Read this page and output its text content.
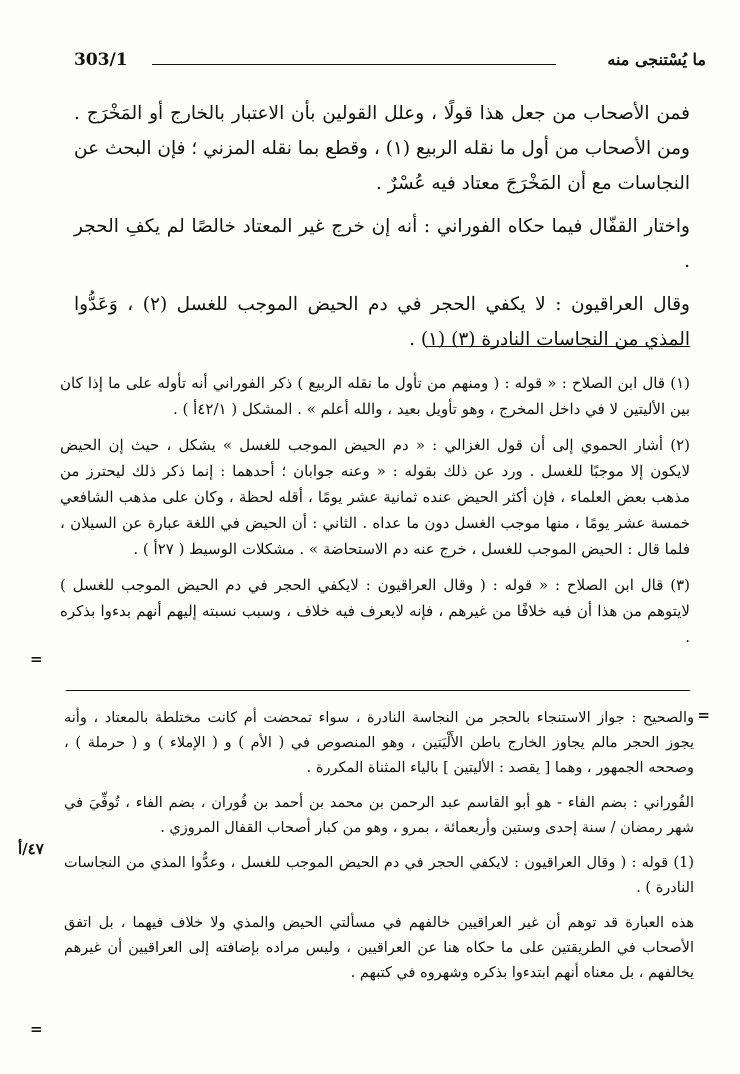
303/1	ما يُسْتنجى منه

فمن الأصحاب من جعل هذا قولًا ، وعلل القولين بأن الاعتبار بالخارج أو المَخْرَج . ومن الأصحاب من أول ما نقله الربيع (١) ، وقطع بما نقله المزني ؛ فإن البحث عن النجاسات مع أن المَخْرَجَ معتاد فيه عُسْرٌ .

واختار القفّال فيما حكاه الفوراني : أنه إن خرج غير المعتاد خالصًا لم يكفِ الحجر .

وقال العراقيون : لا يكفي الحجر في دم الحيض الموجب للغسل (٢) ، وَعَدُّوا المذي من النجاسات النادرة (٣) (١) .

(١) قال ابن الصلاح : « قوله : ( ومنهم من تأول ما نقله الربيع ) ذكر الفوراني أنه تأوله على ما إذا كان بين الأليتين لا في داخل المخرج ، وهو تأويل بعيد ، والله أعلم » . المشكل ( ٤٢/١أ ) .

(٢) أشار الحموي إلى أن قول الغزالي : « دم الحيض الموجب للغسل » يشكل ، حيث إن الحيض لايكون إلا موجبًا للغسل . ورد عن ذلك بقوله : « وعنه جوابان ؛ أحدهما : إنما ذكر ذلك ليحترز من مذهب بعض العلماء ، فإن أكثر الحيض عنده ثمانية عشر يومًا ، أقله لحظة ، وكان على مذهب الشافعي خمسة عشر يومًا ، منها موجب الغسل دون ما عداه . الثاني : أن الحيض في اللغة عبارة عن السيلان ، فلما قال : الحيض الموجب للغسل ، خرج عنه دم الاستحاضة » . مشكلات الوسيط ( ٢٧أ ) .

(٣) قال ابن الصلاح : « قوله : ( وقال العراقيون : لايكفي الحجر في دم الحيض الموجب للغسل ) لايتوهم من هذا أن فيه خلافًا من غيرهم ، فإنه لايعرف فيه خلاف ، وسبب نسبته إليهم أنهم بدءوا بذكره .

=
=

والصحيح : جواز الاستنجاء بالحجر من النجاسة النادرة ، سواء تمحضت أم كانت مختلطة بالمعتاد ، وأنه يجوز الحجر مالم يجاوز الخارج باطن الأَلْيَتين ، وهو المنصوص في ( الأم ) و ( الإملاء ) و ( حرملة ) ، وصححه الجمهور ، وهما [ يقصد : الأليتين ] بالياء المثناة المكررة .

الفُوراني : بضم الفاء - هو أبو القاسم عبد الرحمن بن محمد بن أحمد بن فُوران ، بضم الفاء ، تُوفِّيَ في شهر رمضان / سنة إحدى وستين وأربعمائة ، بمرو ، وهو من كبار أصحاب القفال المروزي .

(1) قوله : ( وقال العراقيون : لايكفي الحجر في دم الحيض الموجب للغسل ، وعدُّوا المذي من النجاسات النادرة ) .

هذه العبارة قد توهم أن غير العراقيين خالفهم في مسألتي الحيض والمذي ولا خلاف فيهما ، بل اتفق الأصحاب في الطريقتين على ما حكاه هنا عن العراقيين ، وليس مراده بإضافته إلى العراقيين أن غيرهم يخالفهم ، بل معناه أنهم ابتدءوا بذكره وشهروه في كتبهم .

٤٧/أ
=
